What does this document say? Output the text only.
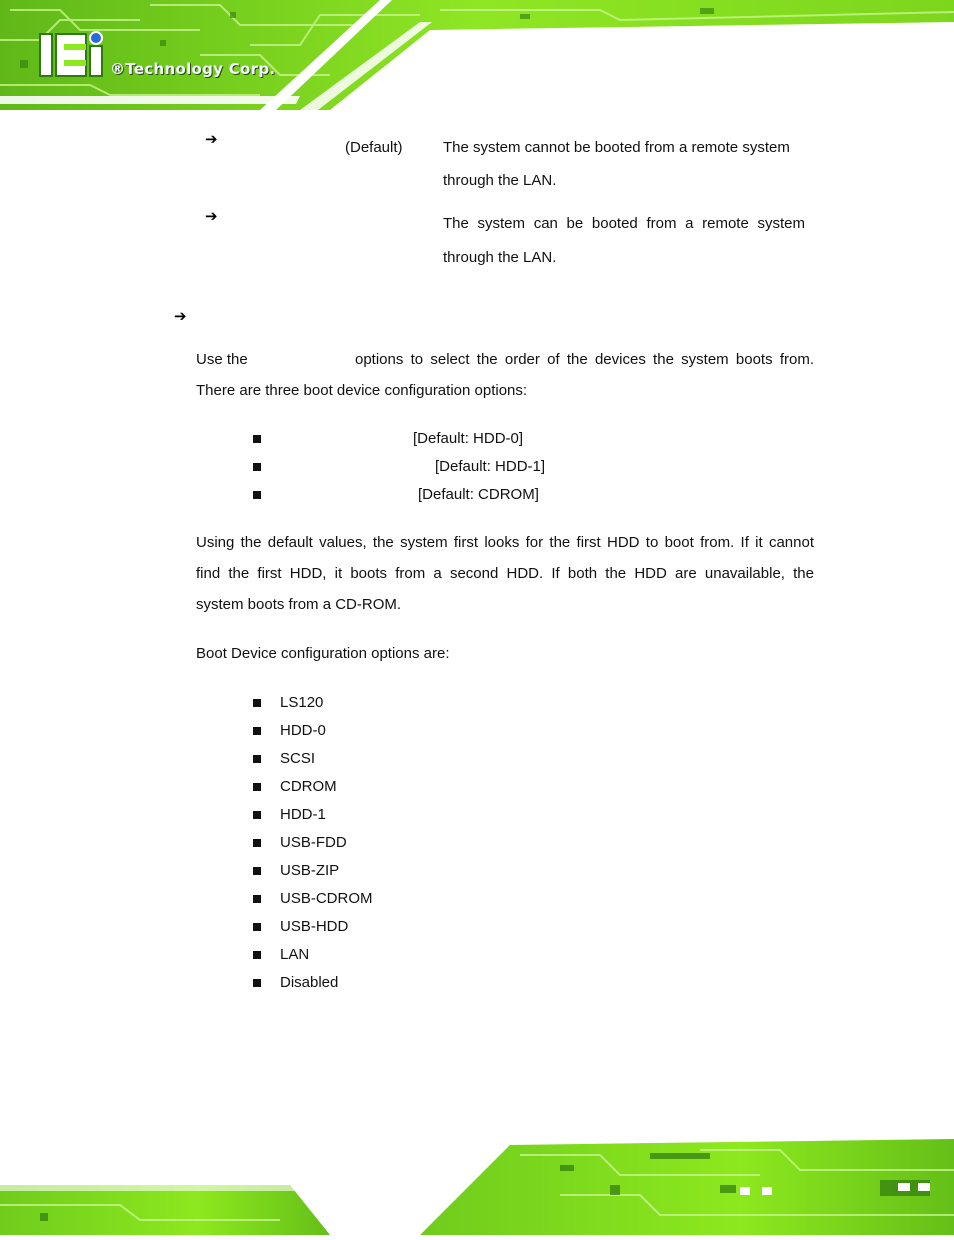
®Technology Corp.
➔	(Default)	The system cannot be booted from a remote system
through the LAN.
➔	The system can be booted from a remote system
through the LAN.
➔
Use the	options to select the order of the devices the system boots from.
There are three boot device configuration options:
[Default: HDD-0]
[Default: HDD-1]
[Default: CDROM]
Using the default values, the system first looks for the first HDD to boot from. If it cannot
find the first HDD, it boots from a second HDD. If both the HDD are unavailable, the
system boots from a CD-ROM.
Boot Device configuration options are:
LS120
HDD-0
SCSI
CDROM
HDD-1
USB-FDD
USB-ZIP
USB-CDROM
USB-HDD
LAN
Disabled
